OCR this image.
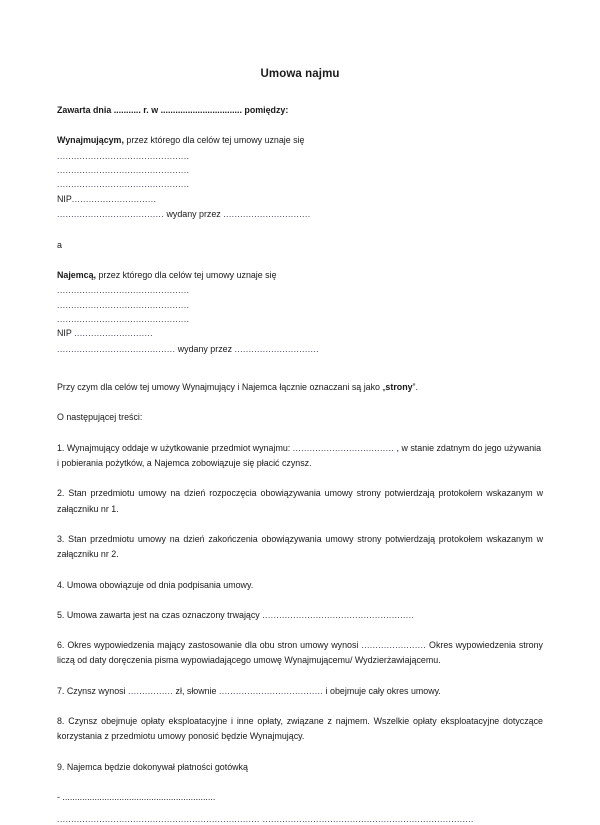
Umowa najmu

Zawarta dnia ........... r. w ................................. pomiędzy:

Wynajmującym, przez którego dla celów tej umowy uznaje się

...............................................

...............................................

...............................................

NIP..............................

...................................... wydany przez ...............................

a

Najemcą, przez którego dla celów tej umowy uznaje się

...............................................

...............................................

...............................................

NIP ............................

.......................................... wydany przez ..............................

Przy czym dla celów tej umowy Wynajmujący i Najemca łącznie oznaczani są jako „strony”.

O następującej treści:

1. Wynajmujący oddaje w użytkowanie przedmiot wynajmu: .................................... , w stanie zdatnym do jego używania i pobierania pożytków, a Najemca zobowiązuje się płacić czynsz.

2. Stan przedmiotu umowy na dzień rozpoczęcia obowiązywania umowy strony potwierdzają protokołem wskazanym w załączniku nr 1.

3. Stan przedmiotu umowy na dzień zakończenia obowiązywania umowy strony potwierdzają protokołem wskazanym w załączniku nr 2.

4. Umowa obowiązuje od dnia podpisania umowy.

5. Umowa zawarta jest na czas oznaczony trwający ......................................................

6. Okres wypowiedzenia mający zastosowanie dla obu stron umowy wynosi ....................... Okres wypowiedzenia strony liczą od daty doręczenia pisma wypowiadającego umowę Wynajmującemu/ Wydzierżawiającemu.

7. Czynsz wynosi ................ zł, słownie ..................................... i obejmuje cały okres umowy.

8. Czynsz obejmuje opłaty eksploatacyjne i inne opłaty, związane z najmem. Wszelkie opłaty eksploatacyjne dotyczące korzystania z przedmiotu umowy ponosić będzie Wynajmujący.

9. Najemca będzie dokonywał płatności gotówką

- ..............................................................

........................................................................ ...........................................................................
